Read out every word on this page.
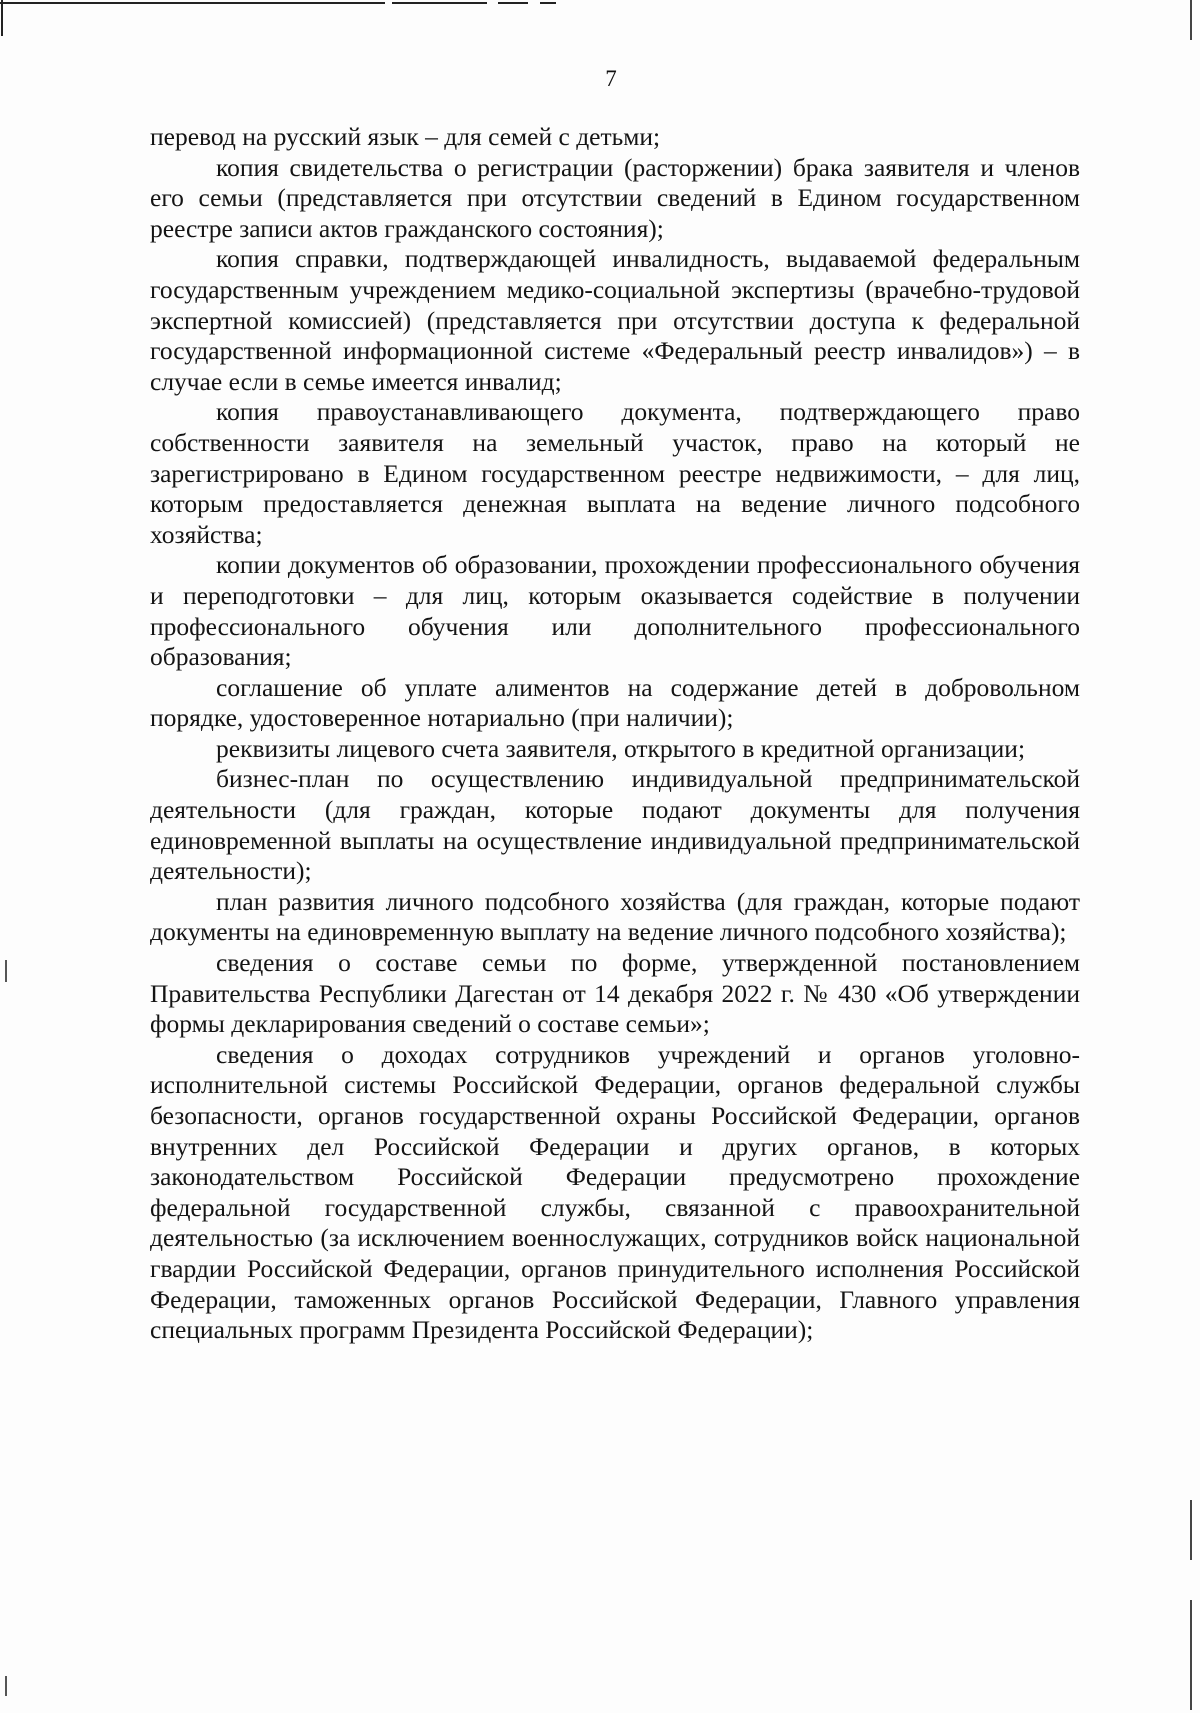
7

перевод на русский язык – для семей с детьми;

копия свидетельства о регистрации (расторжении) брака заявителя и членов его семьи (представляется при отсутствии сведений в Едином государственном реестре записи актов гражданского состояния);

копия справки, подтверждающей инвалидность, выдаваемой федеральным государственным учреждением медико-социальной экспертизы (врачебно-трудовой экспертной комиссией) (представляется при отсутствии доступа к федеральной государственной информационной системе «Федеральный реестр инвалидов») – в случае если в семье имеется инвалид;

копия правоустанавливающего документа, подтверждающего право собственности заявителя на земельный участок, право на который не зарегистрировано в Едином государственном реестре недвижимости, – для лиц, которым предоставляется денежная выплата на ведение личного подсобного хозяйства;

копии документов об образовании, прохождении профессионального обучения и переподготовки – для лиц, которым оказывается содействие в получении профессионального обучения или дополнительного профессионального образования;

соглашение об уплате алиментов на содержание детей в добровольном порядке, удостоверенное нотариально (при наличии);

реквизиты лицевого счета заявителя, открытого в кредитной организации;

бизнес-план по осуществлению индивидуальной предпринимательской деятельности (для граждан, которые подают документы для получения единовременной выплаты на осуществление индивидуальной предпринимательской деятельности);

план развития личного подсобного хозяйства (для граждан, которые подают документы на единовременную выплату на ведение личного подсобного хозяйства);

сведения о составе семьи по форме, утвержденной постановлением Правительства Республики Дагестан от 14 декабря 2022 г. № 430 «Об утверждении формы декларирования сведений о составе семьи»;

сведения о доходах сотрудников учреждений и органов уголовно-исполнительной системы Российской Федерации, органов федеральной службы безопасности, органов государственной охраны Российской Федерации, органов внутренних дел Российской Федерации и других органов, в которых законодательством Российской Федерации предусмотрено прохождение федеральной государственной службы, связанной с правоохранительной деятельностью (за исключением военнослужащих, сотрудников войск национальной гвардии Российской Федерации, органов принудительного исполнения Российской Федерации, таможенных органов Российской Федерации, Главного управления специальных программ Президента Российской Федерации);
